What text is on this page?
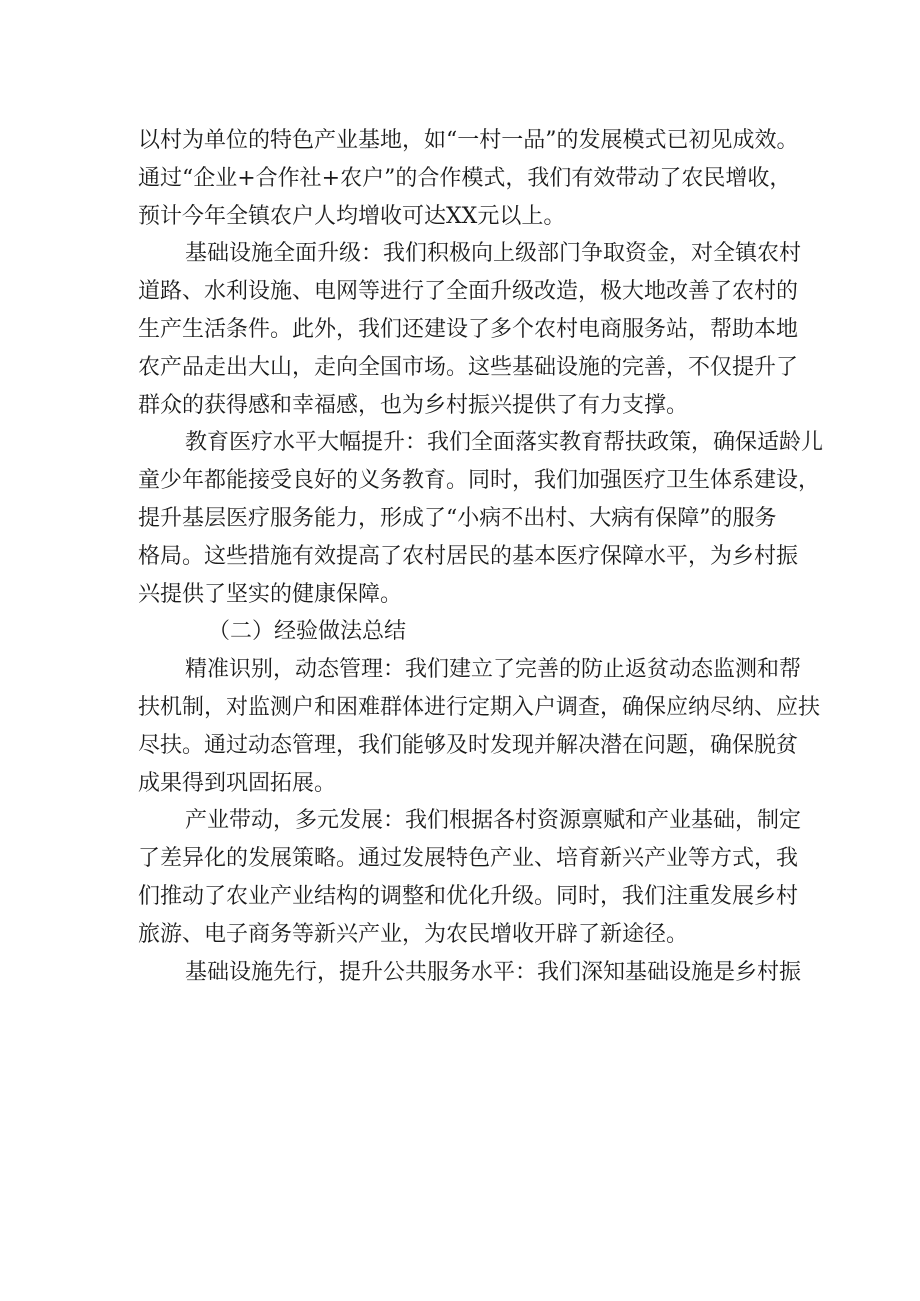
以村为单位的特色产业基地，如“一村一品”的发展模式已初见成效。
通过“企业+合作社+农户”的合作模式，我们有效带动了农民增收，
预计今年全镇农户人均增收可达XX元以上。
基础设施全面升级：我们积极向上级部门争取资金，对全镇农村
道路、水利设施、电网等进行了全面升级改造，极大地改善了农村的
生产生活条件。此外，我们还建设了多个农村电商服务站，帮助本地
农产品走出大山，走向全国市场。这些基础设施的完善，不仅提升了
群众的获得感和幸福感，也为乡村振兴提供了有力支撑。
教育医疗水平大幅提升：我们全面落实教育帮扶政策，确保适龄儿
童少年都能接受良好的义务教育。同时，我们加强医疗卫生体系建设，
提升基层医疗服务能力，形成了“小病不出村、大病有保障”的服务
格局。这些措施有效提高了农村居民的基本医疗保障水平，为乡村振
兴提供了坚实的健康保障。
（二）经验做法总结
精准识别，动态管理：我们建立了完善的防止返贫动态监测和帮
扶机制，对监测户和困难群体进行定期入户调查，确保应纳尽纳、应扶
尽扶。通过动态管理，我们能够及时发现并解决潜在问题，确保脱贫
成果得到巩固拓展。
产业带动，多元发展：我们根据各村资源禀赋和产业基础，制定
了差异化的发展策略。通过发展特色产业、培育新兴产业等方式，我
们推动了农业产业结构的调整和优化升级。同时，我们注重发展乡村
旅游、电子商务等新兴产业，为农民增收开辟了新途径。
基础设施先行，提升公共服务水平：我们深知基础设施是乡村振
